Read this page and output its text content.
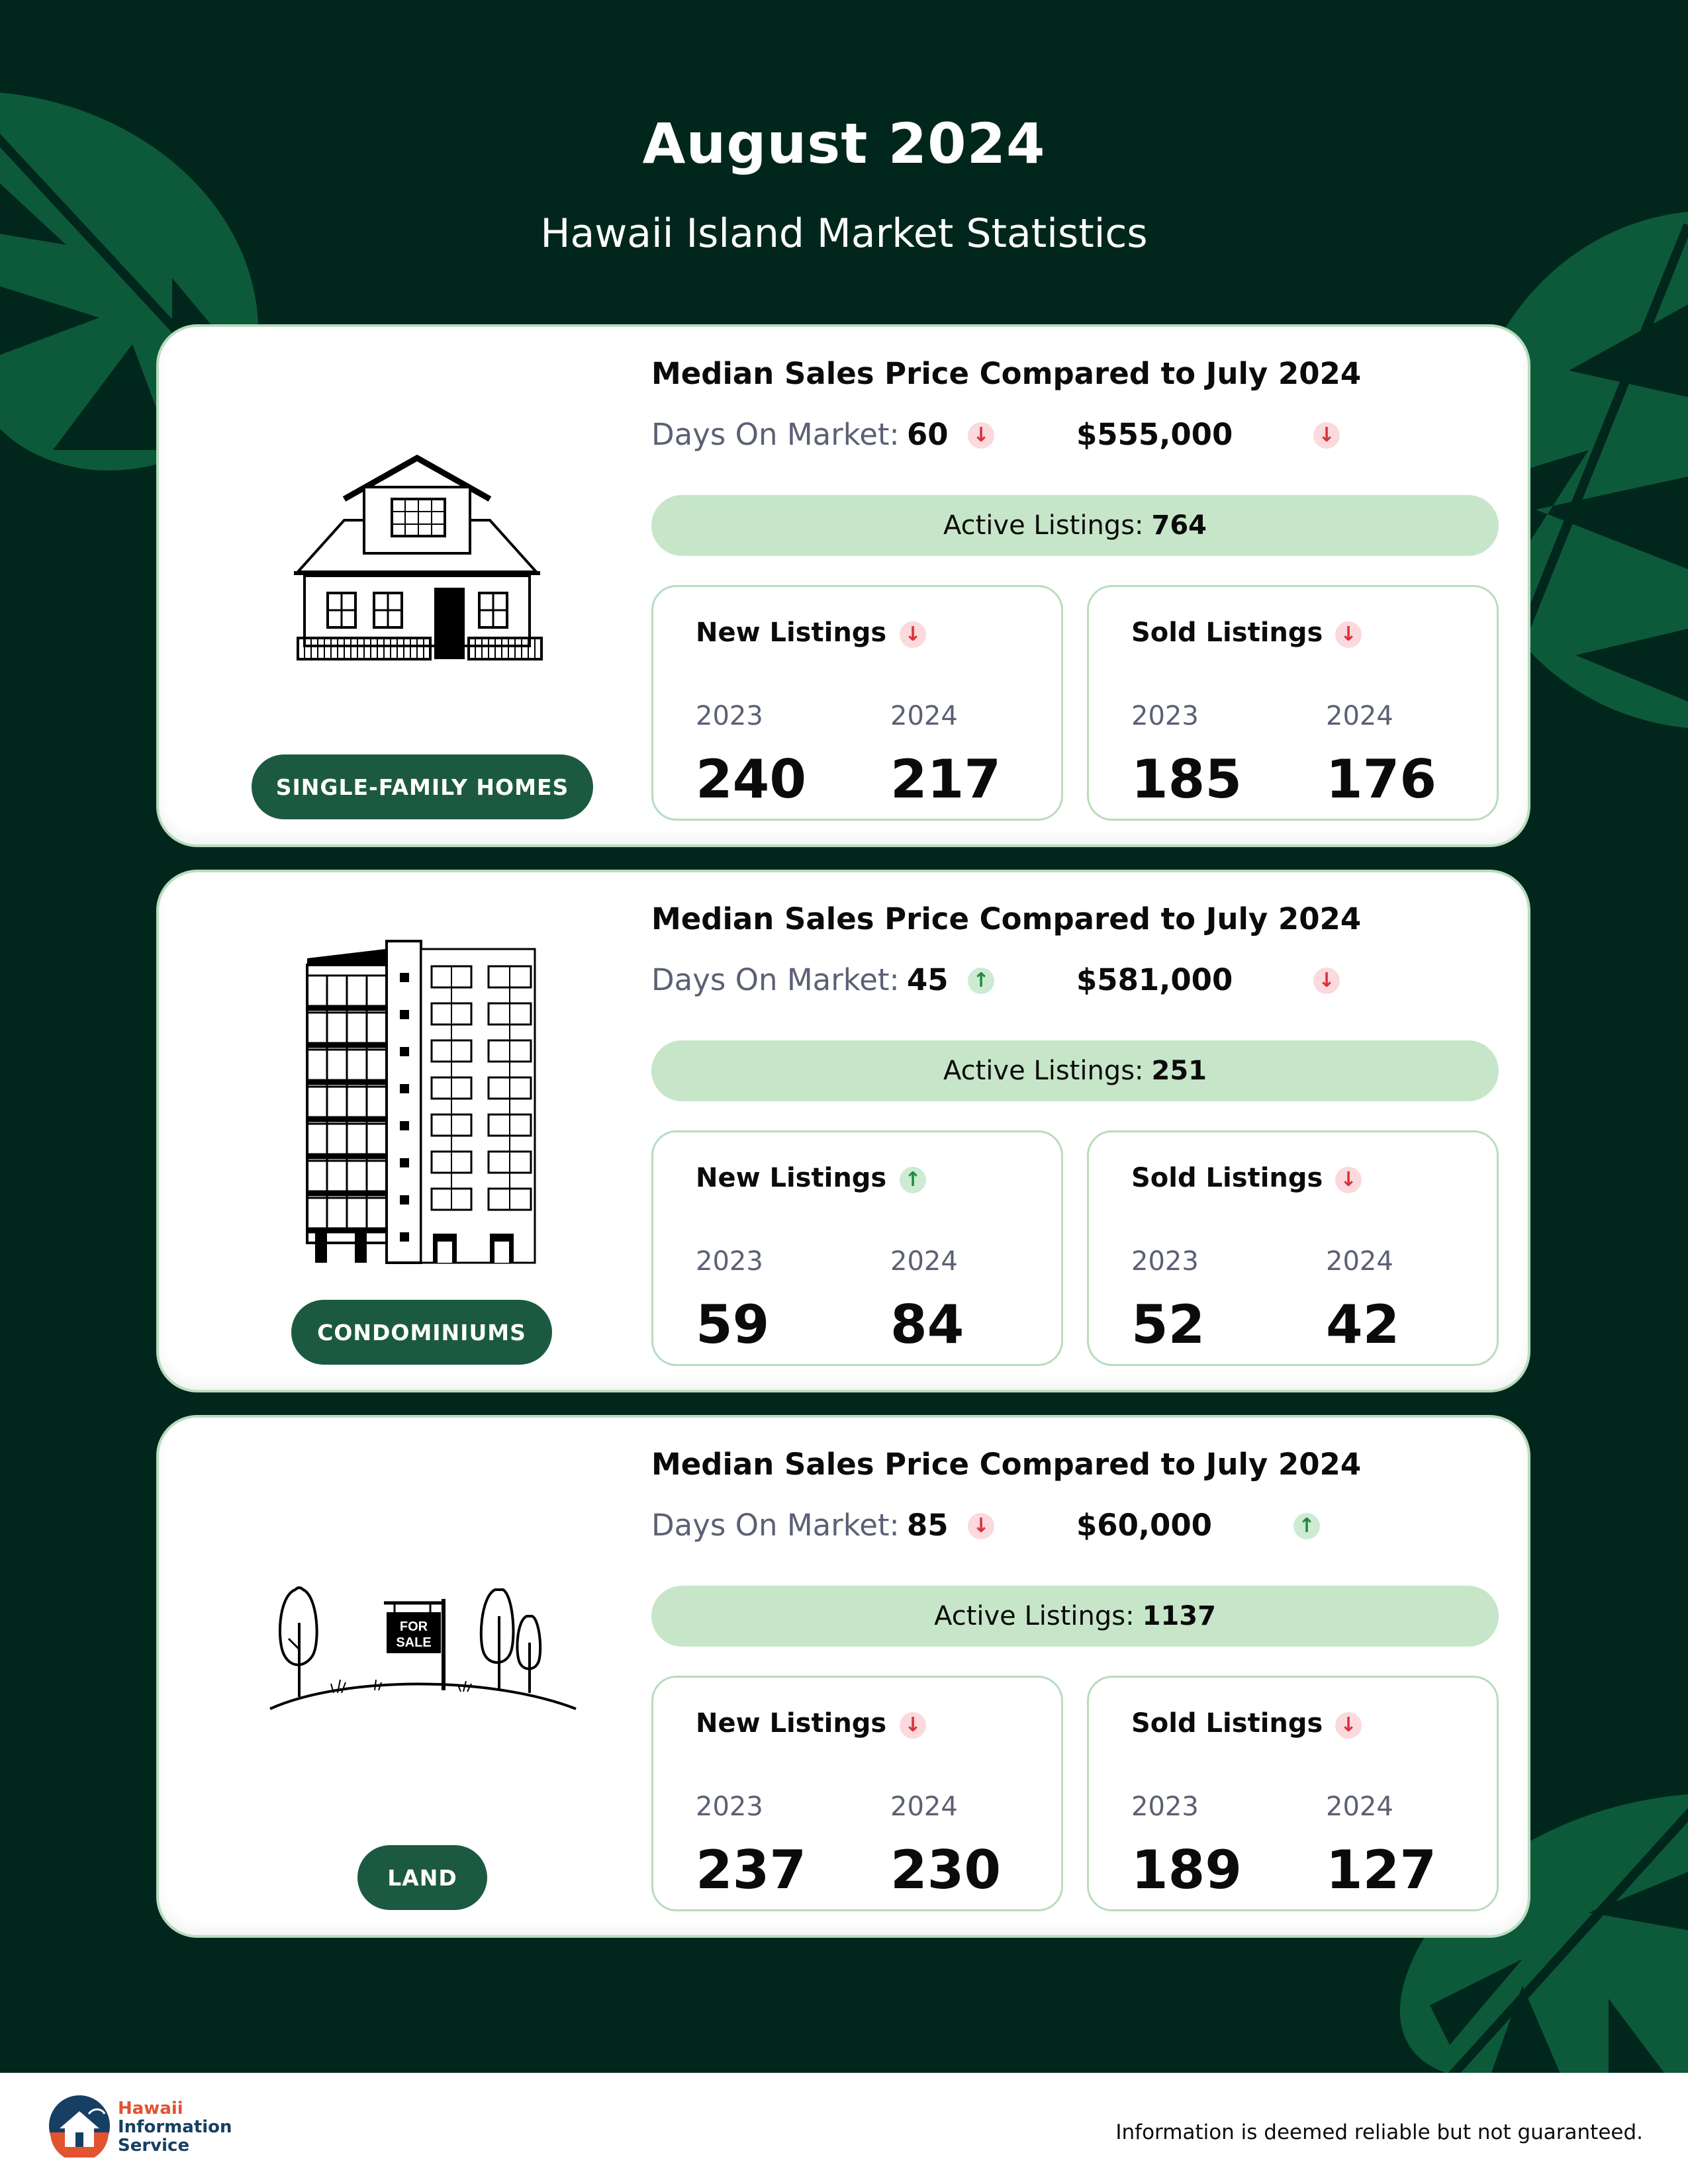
August 2024
Hawaii Island Market Statistics
SINGLE-FAMILY HOMES
Median Sales Price Compared to July 2024
Days On Market: 60 ↓	$555,000	↓
Active Listings: 764
New Listings ↓
2023	2024
240 217
Sold Listings ↓
2023	2024
185 176
CONDOMINIUMS
Median Sales Price Compared to July 2024
Days On Market: 45 ↑	$581,000	↓
Active Listings: 251
New Listings ↑
2023	2024
59 84
Sold Listings ↓
2023	2024
52 42
FOR
SALE
LAND
Median Sales Price Compared to July 2024
Days On Market: 85 ↓	$60,000	↑
Active Listings: 1137
New Listings ↓
2023	2024
237 230
Sold Listings ↓
2023	2024
189 127
Hawaii
Information
Service
Information is deemed reliable but not guaranteed.
